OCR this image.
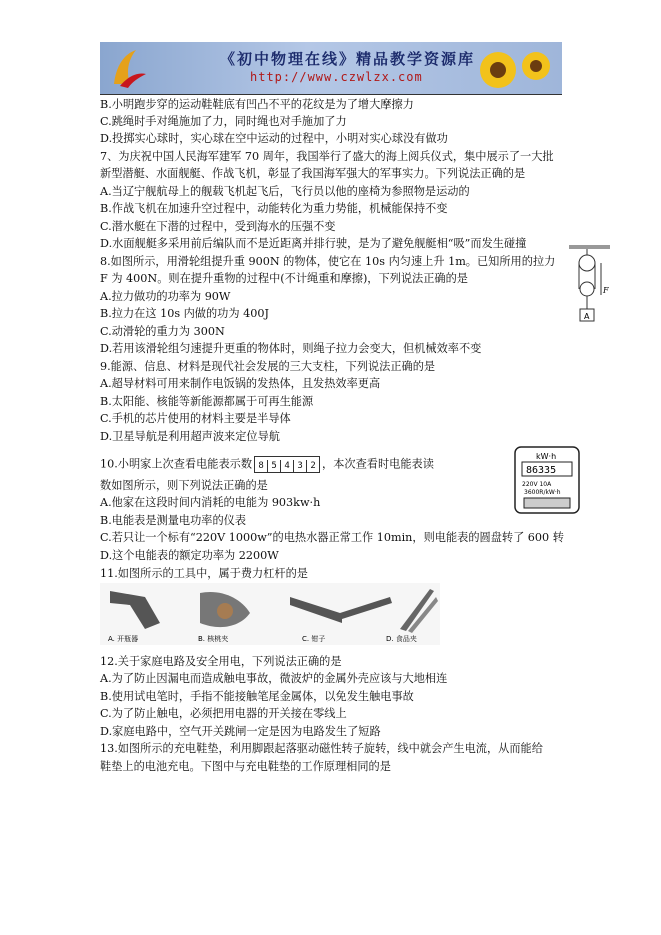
《初中物理在线》精品教学资源库
http://www.czwlzx.com
B.小明跑步穿的运动鞋鞋底有凹凸不平的花纹是为了增大摩擦力
C.跳绳时手对绳施加了力，同时绳也对手施加了力
D.投掷实心球时，实心球在空中运动的过程中，小明对实心球没有做功
7、为庆祝中国人民海军建军 70 周年，我国举行了盛大的海上阅兵仪式，集中展示了一大批
新型潜艇、水面舰艇、作战飞机，彰显了我国海军强大的军事实力。下列说法正确的是
A.当辽宁舰航母上的舰载飞机起飞后，飞行员以他的座椅为参照物是运动的
B.作战飞机在加速升空过程中，动能转化为重力势能，机械能保持不变
C.潜水艇在下潜的过程中，受到海水的压强不变
D.水面舰艇多采用前后编队而不是近距离并排行驶，是为了避免舰艇相“吸”而发生碰撞
8.如图所示，用滑轮组提升重 900N 的物体，使它在 10s 内匀速上升 1m。已知所用的拉力
F 为 400N。则在提升重物的过程中(不计绳重和摩擦)，下列说法正确的是
A.拉力做功的功率为 90W
B.拉力在这 10s 内做的功为 400J
C.动滑轮的重力为 300N
D.若用该滑轮组匀速提升更重的物体时，则绳子拉力会变大，但机械效率不变
9.能源、信息、材料是现代社会发展的三大支柱，下列说法正确的是
A.超导材料可用来制作电饭锅的发热体，且发热效率更高
B.太阳能、核能等新能源都属于可再生能源
C.手机的芯片使用的材料主要是半导体
D.卫星导航是利用超声波来定位导航
A
F
10.小明家上次查看电能表示数 8 5 4 3 2 ，本次查看时电能表读
数如图所示，则下列说法正确的是
A.他家在这段时间内消耗的电能为 903kw·h
B.电能表是测量电功率的仪表
C.若只让一个标有“220V 1000w”的电热水器正常工作 10min，则电能表的圆盘转了 600 转
D.这个电能表的额定功率为 2200W
kW·h
86335
220V 10A
3600R/kW·h
11.如图所示的工具中，属于费力杠杆的是
A. 开瓶器	B. 核桃夹	C. 钳子	D. 食品夹
12.关于家庭电路及安全用电，下列说法正确的是
A.为了防止因漏电而造成触电事故，微波炉的金属外壳应该与大地相连
B.使用试电笔时，手指不能接触笔尾金属体，以免发生触电事故
C.为了防止触电，必须把用电器的开关接在零线上
D.家庭电路中，空气开关跳闸一定是因为电路发生了短路
13.如图所示的充电鞋垫，利用脚跟起落驱动磁性转子旋转，线中就会产生电流，从而能给
鞋垫上的电池充电。下图中与充电鞋垫的工作原理相同的是
